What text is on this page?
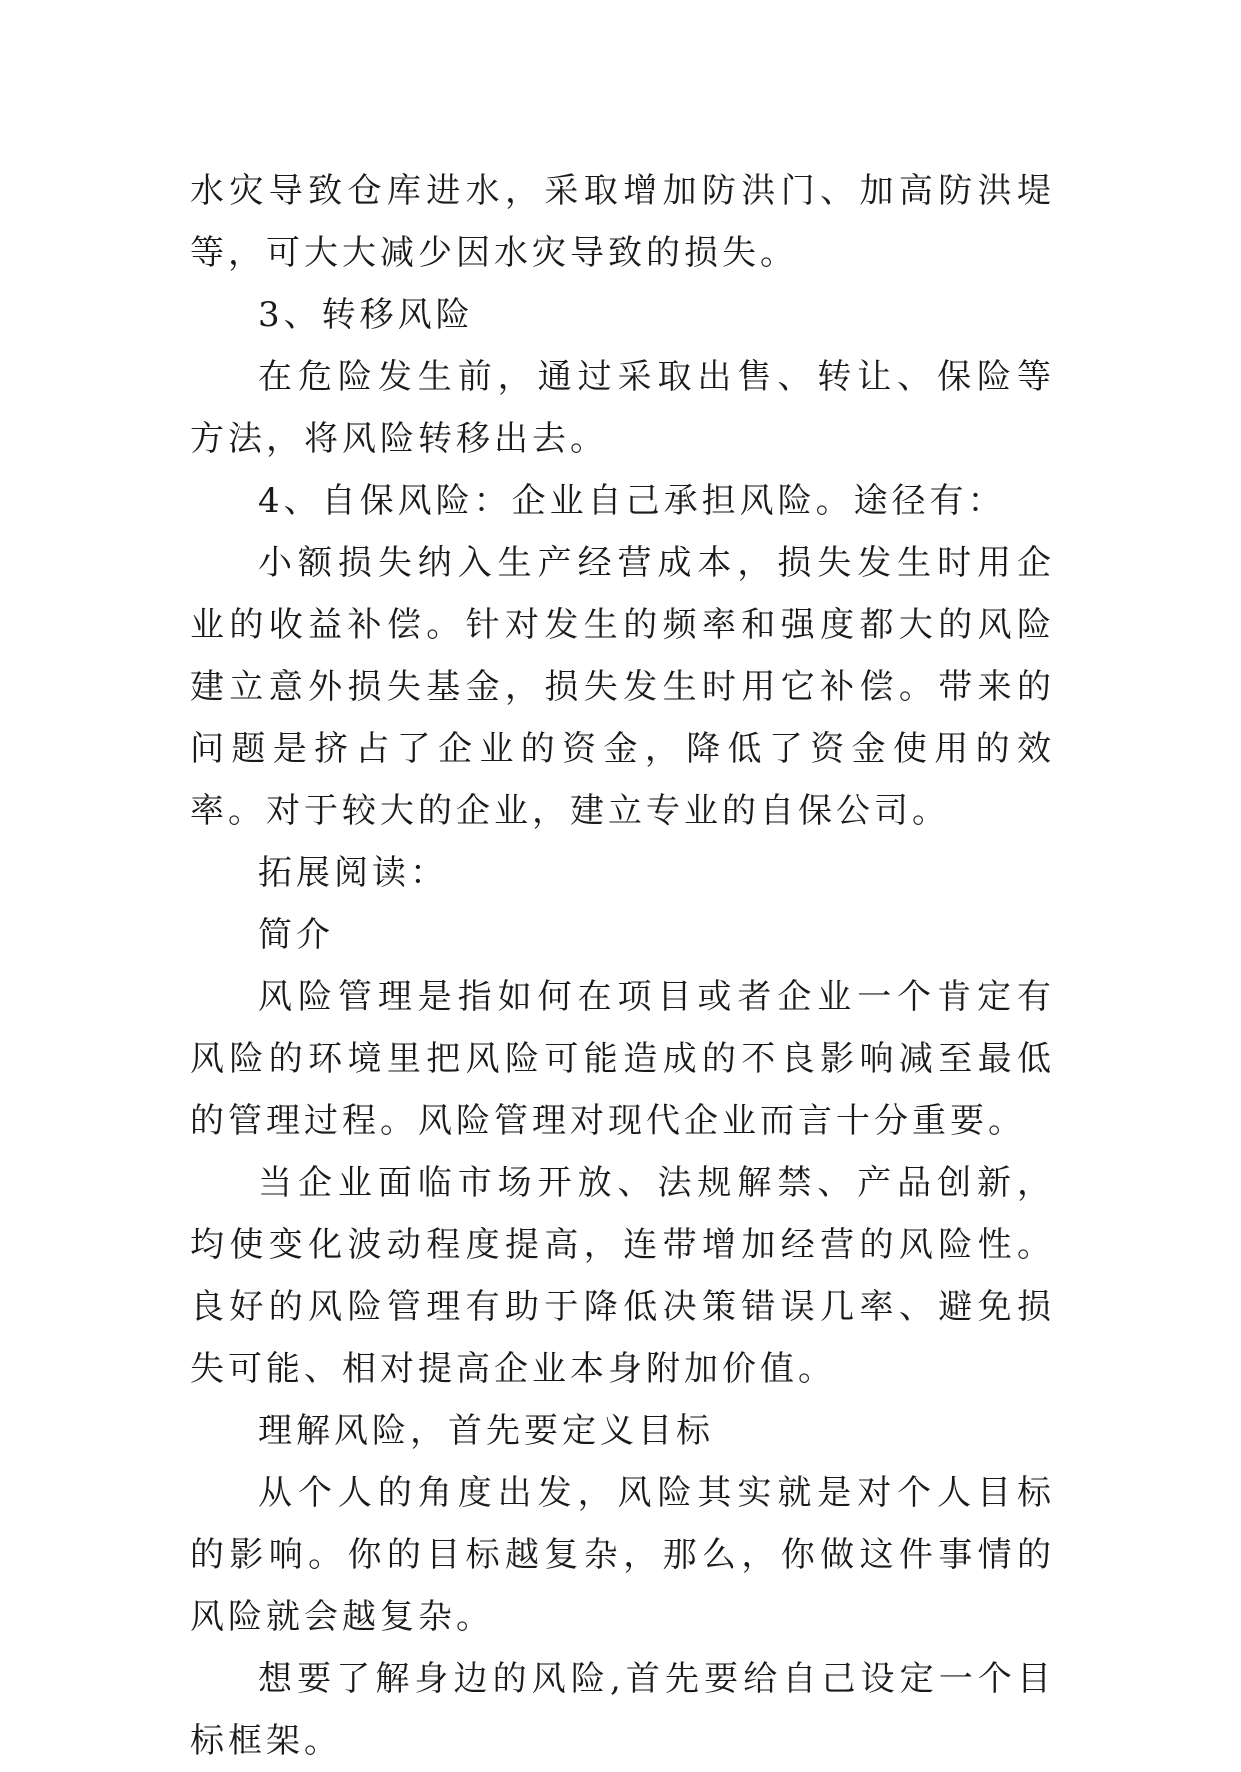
水灾导致仓库进水，采取增加防洪门、加高防洪堤等，可大大减少因水灾导致的损失。

3、转移风险

在危险发生前，通过采取出售、转让、保险等方法，将风险转移出去。

4、自保风险：企业自己承担风险。途径有：

小额损失纳入生产经营成本，损失发生时用企业的收益补偿。针对发生的频率和强度都大的风险建立意外损失基金，损失发生时用它补偿。带来的问题是挤占了企业的资金，降低了资金使用的效率。对于较大的企业，建立专业的自保公司。

拓展阅读：

简介

风险管理是指如何在项目或者企业一个肯定有风险的环境里把风险可能造成的不良影响减至最低的管理过程。风险管理对现代企业而言十分重要。

当企业面临市场开放、法规解禁、产品创新，均使变化波动程度提高，连带增加经营的风险性。良好的风险管理有助于降低决策错误几率、避免损失可能、相对提高企业本身附加价值。

理解风险，首先要定义目标

从个人的角度出发，风险其实就是对个人目标的影响。你的目标越复杂，那么，你做这件事情的风险就会越复杂。

想要了解身边的风险,首先要给自己设定一个目标框架。
